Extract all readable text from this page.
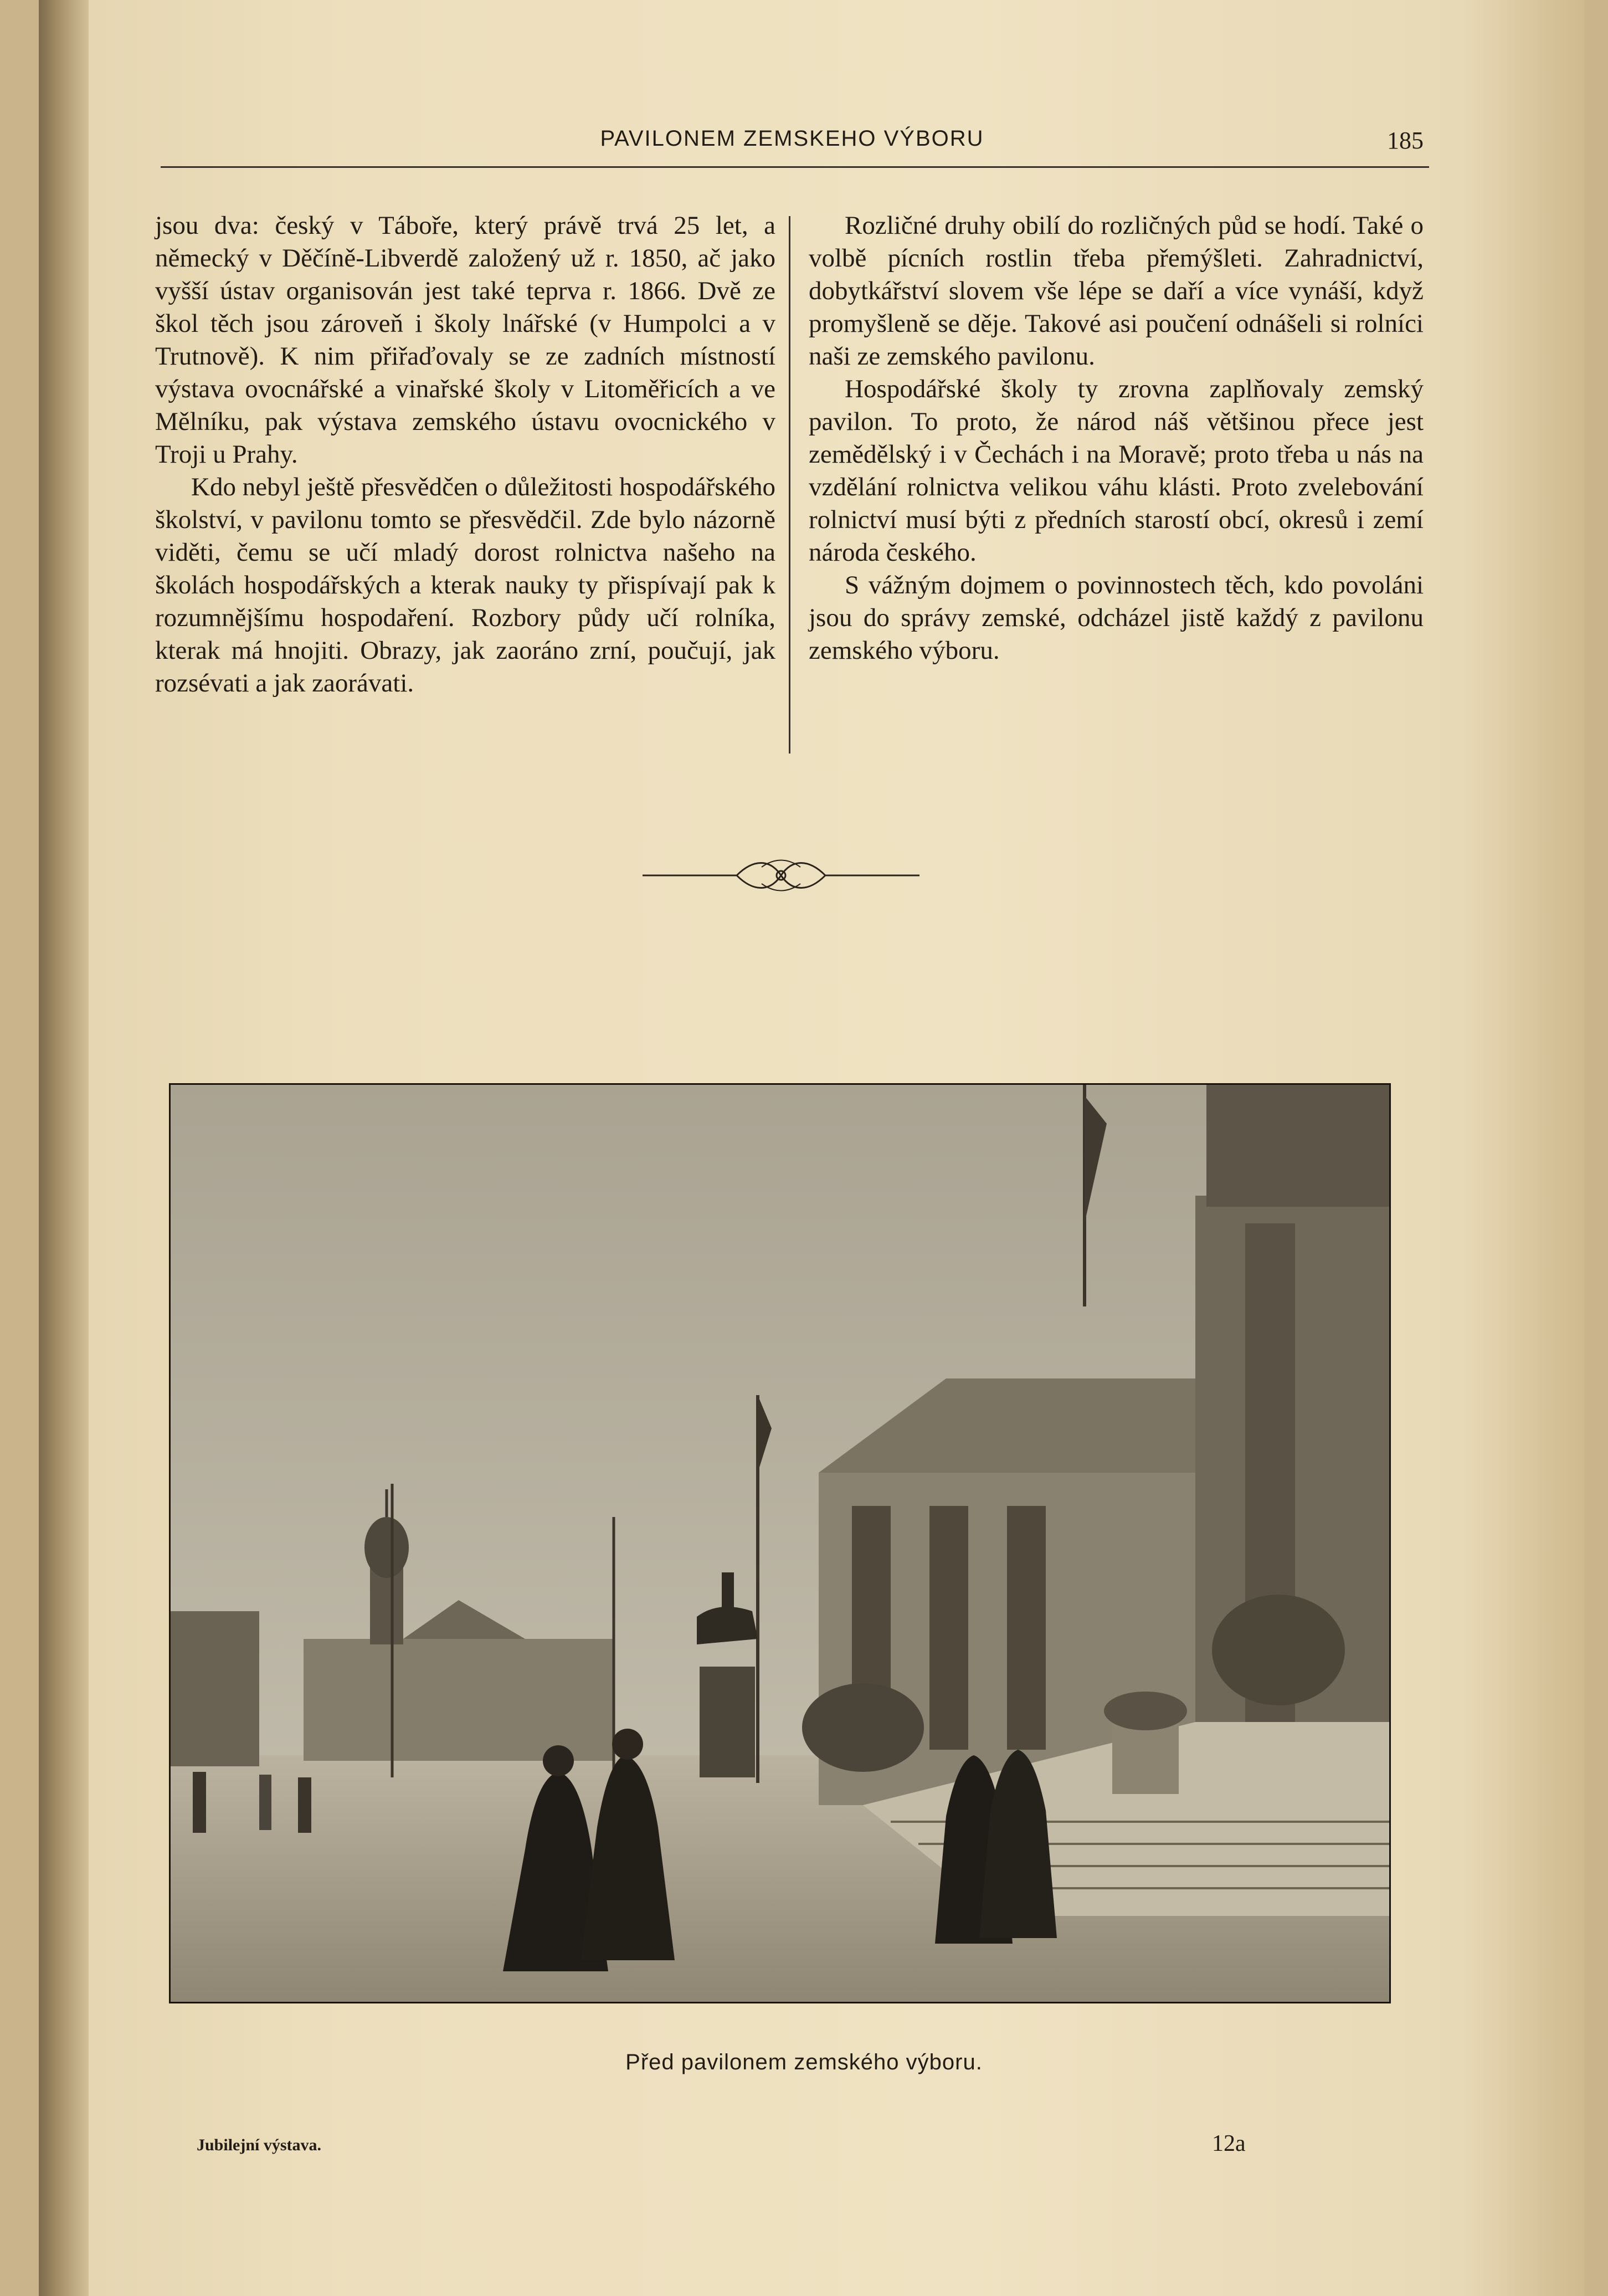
PAVILONEM ZEMSKEHO VÝBORU	185

jsou dva: český v Táboře, který právě trvá 25 let, a německý v Děčíně-Libverdě založený už r. 1850, ač jako vyšší ústav organisován jest také teprva r. 1866. Dvě ze škol těch jsou zároveň i školy lnářské (v Humpolci a v Trutnově). K nim přiřaďovaly se ze zadních místností výstava ovocnářské a vinařské školy v Litoměřicích a ve Mělníku, pak výstava zemského ústavu ovocnického v Troji u Prahy.

Kdo nebyl ještě přesvědčen o důležitosti hospodářského školství, v pavilonu tomto se přesvědčil. Zde bylo názorně viděti, čemu se učí mladý dorost rolnictva našeho na školách hospodářských a kterak nauky ty přispívají pak k rozumnějšímu hospodaření. Rozbory půdy učí rolníka, kterak má hnojiti. Obrazy, jak zaoráno zrní, poučují, jak rozsévati a jak zaorávati.

Rozličné druhy obilí do rozličných půd se hodí. Také o volbě pícních rostlin třeba přemýšleti. Zahradnictví, dobytkářství slovem vše lépe se daří a více vynáší, když promyšleně se děje. Takové asi poučení odnášeli si rolníci naši ze zemského pavilonu.

Hospodářské školy ty zrovna zaplňovaly zemský pavilon. To proto, že národ náš většinou přece jest zemědělský i v Čechách i na Moravě; proto třeba u nás na vzdělání rolnictva velikou váhu klásti. Proto zvelebování rolnictví musí býti z předních starostí obcí, okresů i zemí národa českého.

S vážným dojmem o povinnostech těch, kdo povoláni jsou do správy zemské, odcházel jistě každý z pavilonu zemského výboru.

Před pavilonem zemského výboru.
Jubilejní výstava.	12a
